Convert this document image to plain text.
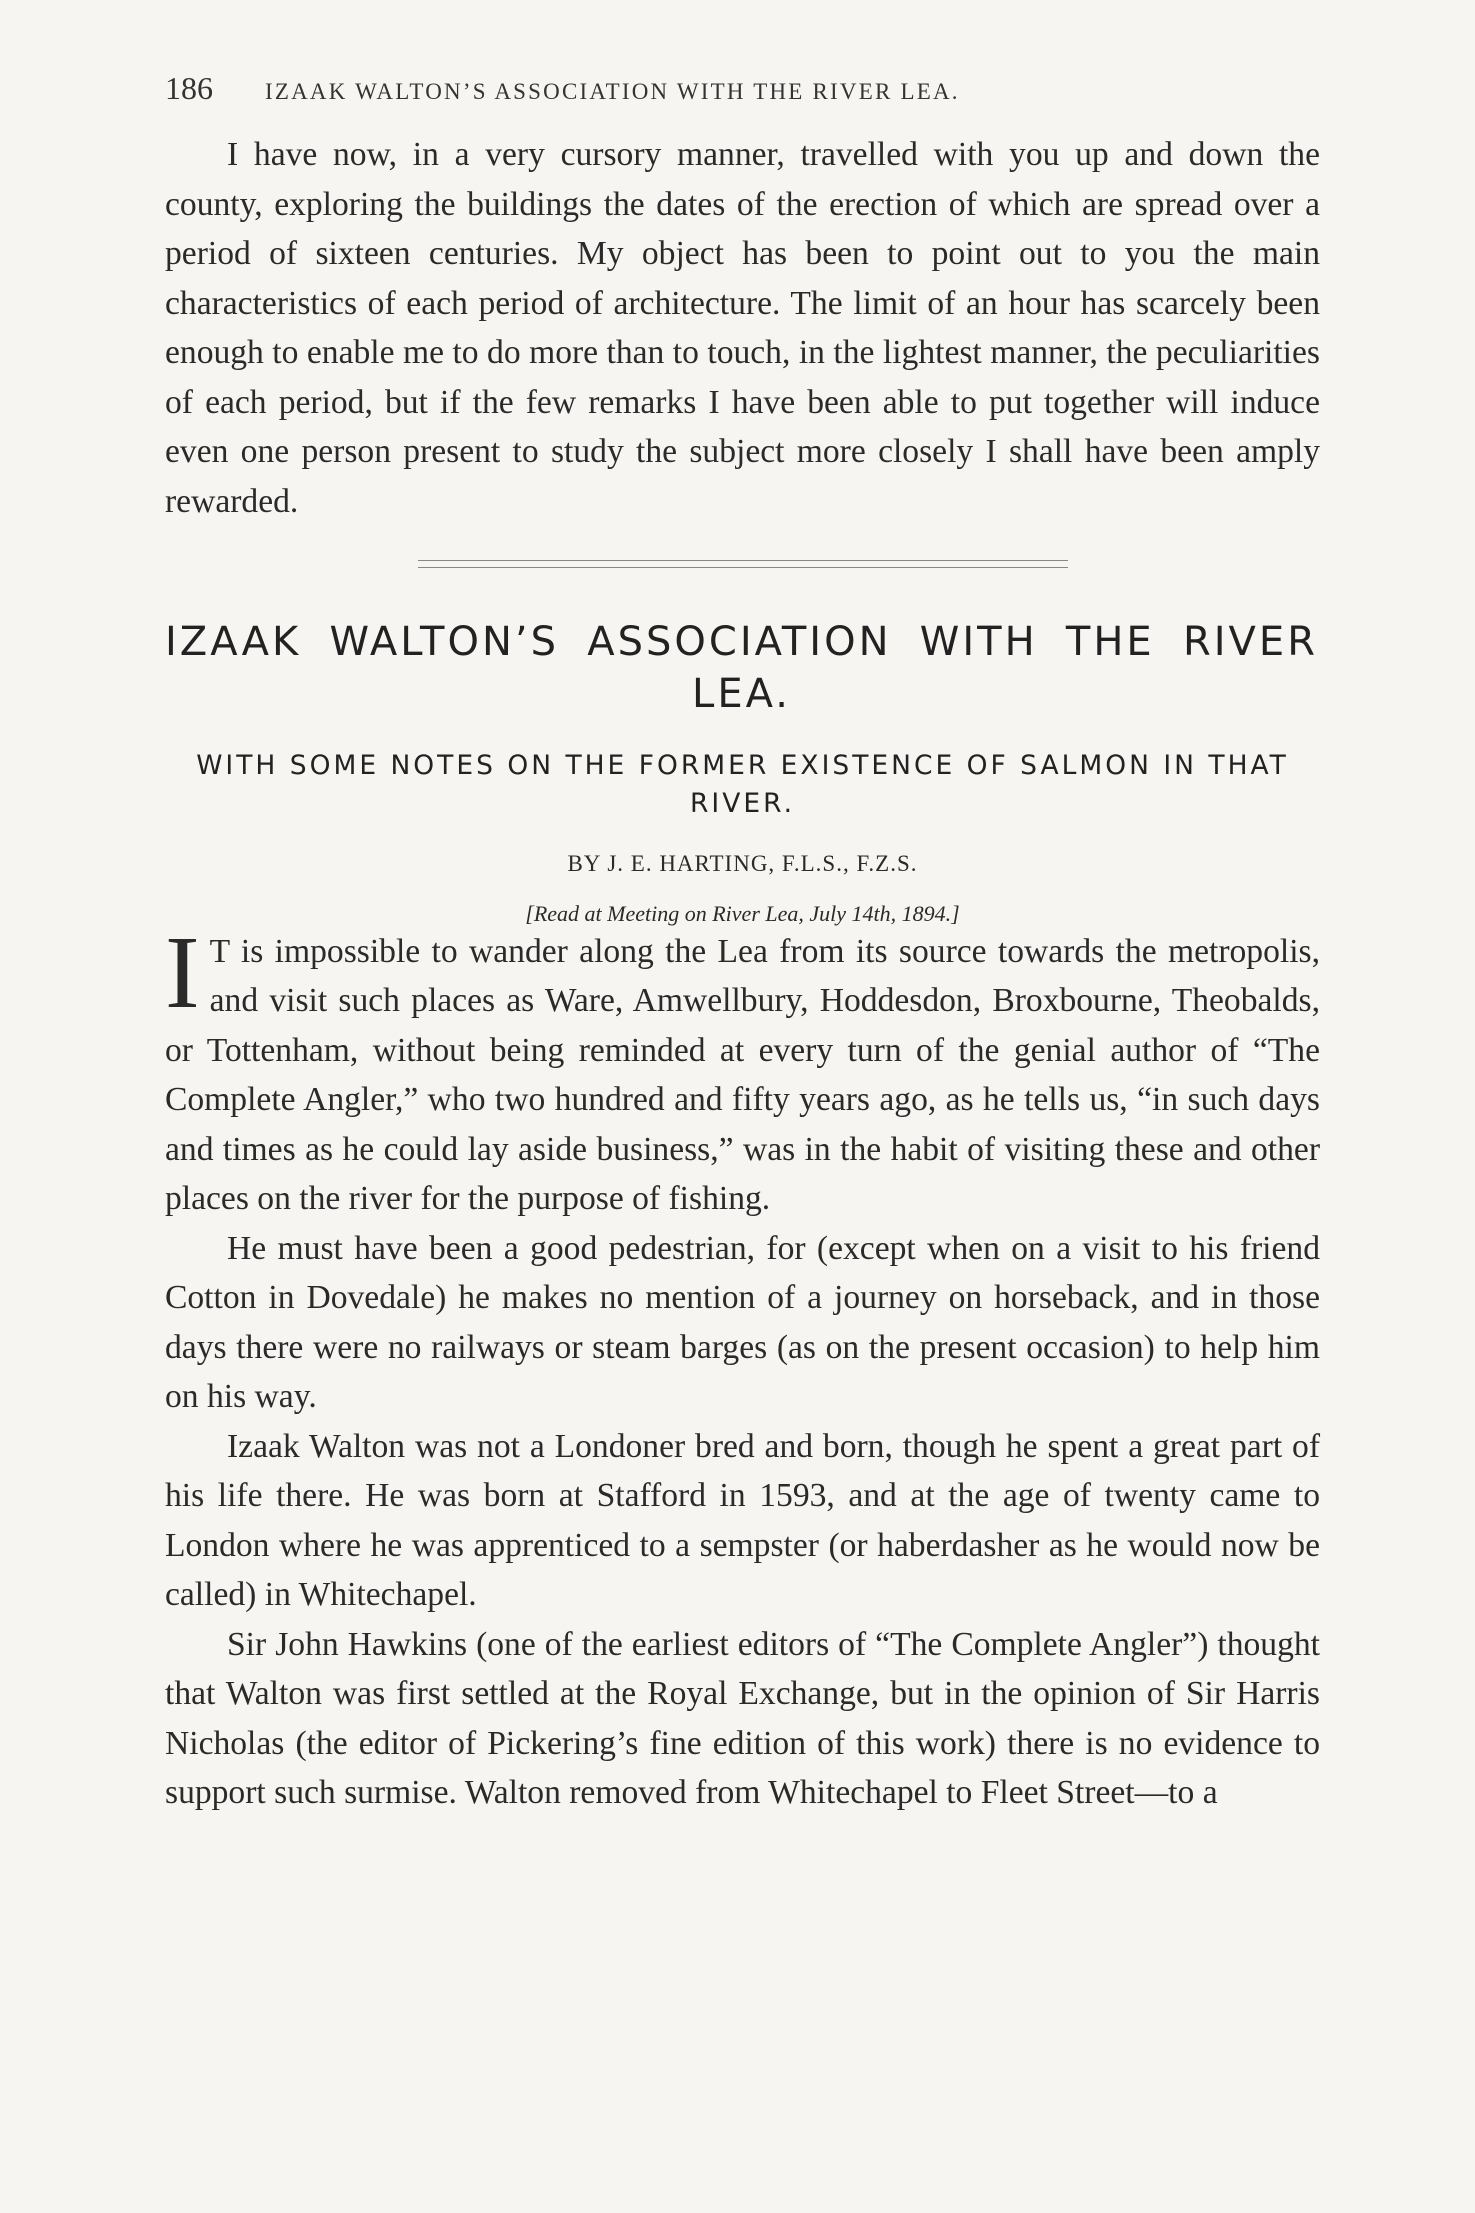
186 IZAAK WALTON’S ASSOCIATION WITH THE RIVER LEA.

I have now, in a very cursory manner, travelled with you up and down the county, exploring the buildings the dates of the erection of which are spread over a period of sixteen centuries. My object has been to point out to you the main characteristics of each period of architecture. The limit of an hour has scarcely been enough to enable me to do more than to touch, in the lightest manner, the peculiarities of each period, but if the few remarks I have been able to put together will induce even one person present to study the subject more closely I shall have been amply rewarded.

IZAAK WALTON’S ASSOCIATION WITH THE RIVER LEA.
WITH SOME NOTES ON THE FORMER EXISTENCE OF SALMON IN THAT RIVER.
BY J. E. HARTING, F.L.S., F.Z.S.
[Read at Meeting on River Lea, July 14th, 1894.]

I T is impossible to wander along the Lea from its source towards the metropolis, and visit such places as Ware, Amwellbury, Hoddesdon, Broxbourne, Theobalds, or Tottenham, without being reminded at every turn of the genial author of “The Complete Angler,” who two hundred and fifty years ago, as he tells us, “in such days and times as he could lay aside business,” was in the habit of visiting these and other places on the river for the purpose of fishing.

He must have been a good pedestrian, for (except when on a visit to his friend Cotton in Dovedale) he makes no mention of a journey on horseback, and in those days there were no railways or steam barges (as on the present occasion) to help him on his way.

Izaak Walton was not a Londoner bred and born, though he spent a great part of his life there. He was born at Stafford in 1593, and at the age of twenty came to London where he was apprenticed to a sempster (or haberdasher as he would now be called) in Whitechapel.

Sir John Hawkins (one of the earliest editors of “The Complete Angler”) thought that Walton was first settled at the Royal Exchange, but in the opinion of Sir Harris Nicholas (the editor of Pickering’s fine edition of this work) there is no evidence to support such surmise. Walton removed from Whitechapel to Fleet Street—to a
